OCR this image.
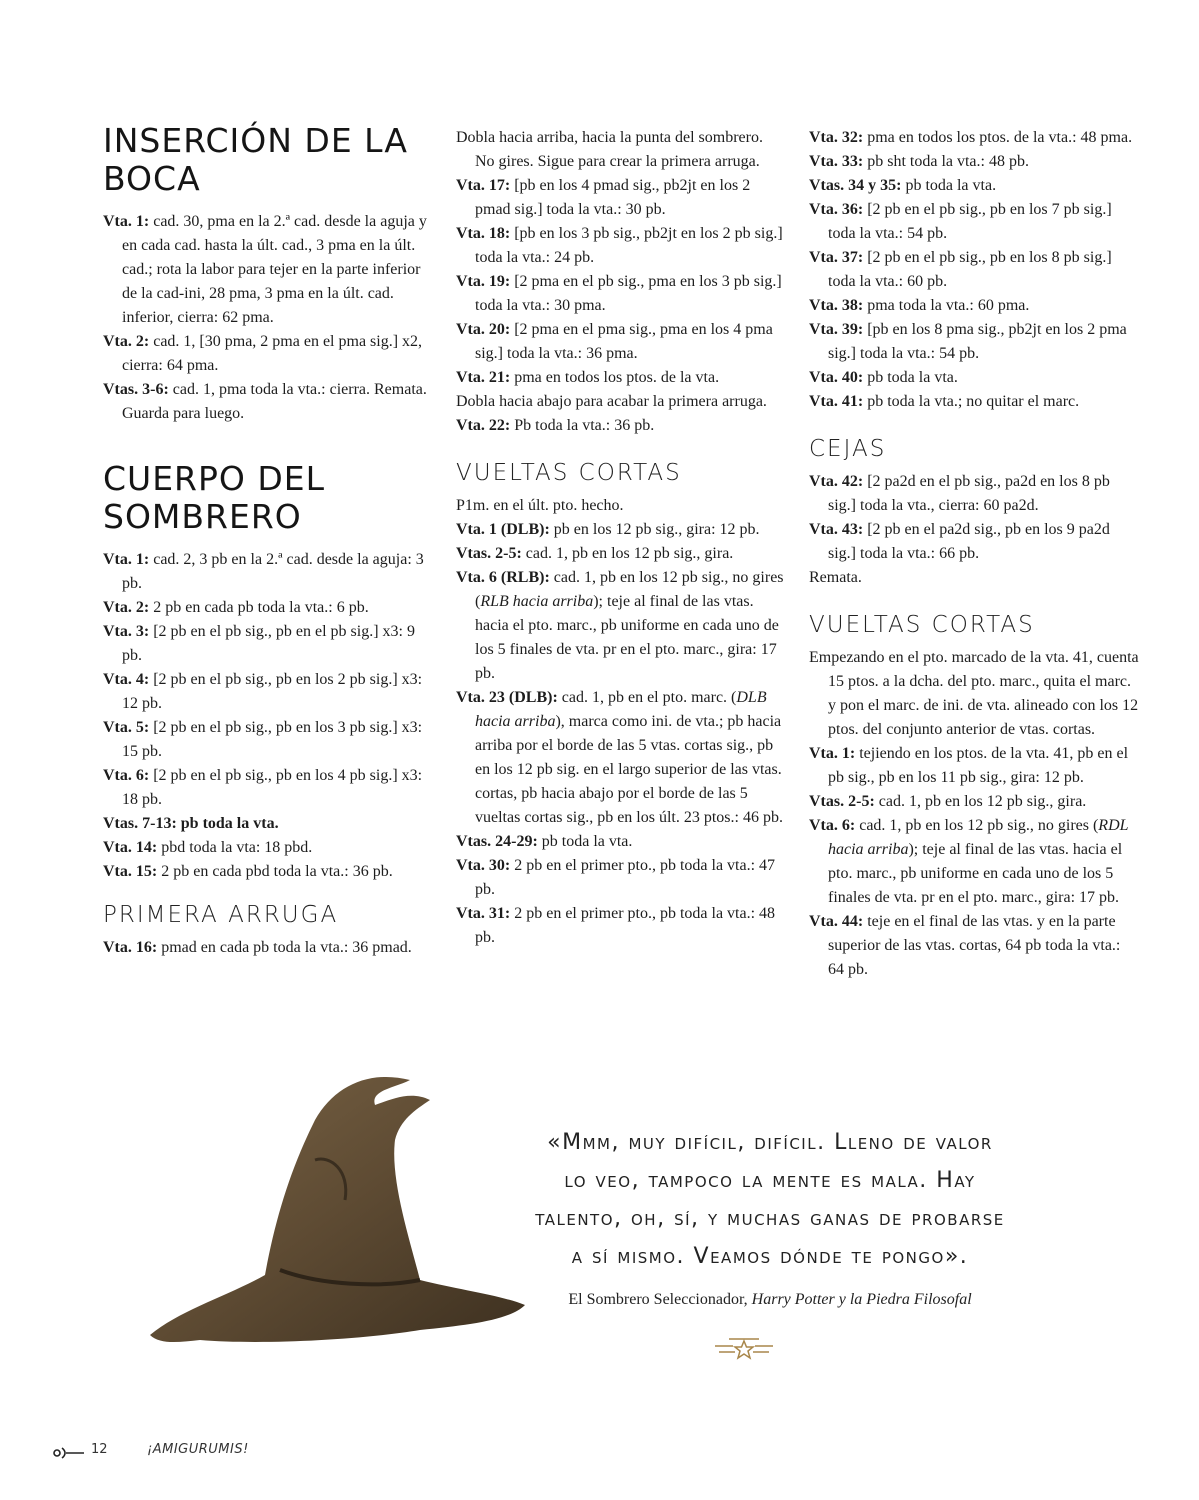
INSERCIÓN DE LA BOCA

Vta. 1: cad. 30, pma en la 2.ª cad. desde la aguja y en cada cad. hasta la últ. cad., 3 pma en la últ. cad.; rota la labor para tejer en la parte inferior de la cad-ini, 28 pma, 3 pma en la últ. cad. inferior, cierra: 62 pma.

Vta. 2: cad. 1, [30 pma, 2 pma en el pma sig.] x2, cierra: 64 pma.

Vtas. 3-6: cad. 1, pma toda la vta.: cierra. Remata. Guarda para luego.

CUERPO DEL SOMBRERO

Vta. 1: cad. 2, 3 pb en la 2.ª cad. desde la aguja: 3 pb.

Vta. 2: 2 pb en cada pb toda la vta.: 6 pb.

Vta. 3: [2 pb en el pb sig., pb en el pb sig.] x3: 9 pb.

Vta. 4: [2 pb en el pb sig., pb en los 2 pb sig.] x3: 12 pb.

Vta. 5: [2 pb en el pb sig., pb en los 3 pb sig.] x3: 15 pb.

Vta. 6: [2 pb en el pb sig., pb en los 4 pb sig.] x3: 18 pb.

Vtas. 7-13: pb toda la vta.

Vta. 14: pbd toda la vta: 18 pbd.

Vta. 15: 2 pb en cada pbd toda la vta.: 36 pb.

PRIMERA ARRUGA

Vta. 16: pmad en cada pb toda la vta.: 36 pmad.

Dobla hacia arriba, hacia la punta del sombrero. No gires. Sigue para crear la primera arruga.

Vta. 17: [pb en los 4 pmad sig., pb2jt en los 2 pmad sig.] toda la vta.: 30 pb.

Vta. 18: [pb en los 3 pb sig., pb2jt en los 2 pb sig.] toda la vta.: 24 pb.

Vta. 19: [2 pma en el pb sig., pma en los 3 pb sig.] toda la vta.: 30 pma.

Vta. 20: [2 pma en el pma sig., pma en los 4 pma sig.] toda la vta.: 36 pma.

Vta. 21: pma en todos los ptos. de la vta.

Dobla hacia abajo para acabar la primera arruga.

Vta. 22: Pb toda la vta.: 36 pb.

VUELTAS CORTAS

P1m. en el últ. pto. hecho.

Vta. 1 (DLB): pb en los 12 pb sig., gira: 12 pb.

Vtas. 2-5: cad. 1, pb en los 12 pb sig., gira.

Vta. 6 (RLB): cad. 1, pb en los 12 pb sig., no gires (RLB hacia arriba); teje al final de las vtas. hacia el pto. marc., pb uniforme en cada uno de los 5 finales de vta. pr en el pto. marc., gira: 17 pb.

Vta. 23 (DLB): cad. 1, pb en el pto. marc. (DLB hacia arriba), marca como ini. de vta.; pb hacia arriba por el borde de las 5 vtas. cortas sig., pb en los 12 pb sig. en el largo superior de las vtas. cortas, pb hacia abajo por el borde de las 5 vueltas cortas sig., pb en los últ. 23 ptos.: 46 pb.

Vtas. 24-29: pb toda la vta.

Vta. 30: 2 pb en el primer pto., pb toda la vta.: 47 pb.

Vta. 31: 2 pb en el primer pto., pb toda la vta.: 48 pb.

Vta. 32: pma en todos los ptos. de la vta.: 48 pma.

Vta. 33: pb sht toda la vta.: 48 pb.

Vtas. 34 y 35: pb toda la vta.

Vta. 36: [2 pb en el pb sig., pb en los 7 pb sig.] toda la vta.: 54 pb.

Vta. 37: [2 pb en el pb sig., pb en los 8 pb sig.] toda la vta.: 60 pb.

Vta. 38: pma toda la vta.: 60 pma.

Vta. 39: [pb en los 8 pma sig., pb2jt en los 2 pma sig.] toda la vta.: 54 pb.

Vta. 40: pb toda la vta.

Vta. 41: pb toda la vta.; no quitar el marc.

CEJAS

Vta. 42: [2 pa2d en el pb sig., pa2d en los 8 pb sig.] toda la vta., cierra: 60 pa2d.

Vta. 43: [2 pb en el pa2d sig., pb en los 9 pa2d sig.] toda la vta.: 66 pb.

Remata.

VUELTAS CORTAS

Empezando en el pto. marcado de la vta. 41, cuenta 15 ptos. a la dcha. del pto. marc., quita el marc. y pon el marc. de ini. de vta. alineado con los 12 ptos. del conjunto anterior de vtas. cortas.

Vta. 1: tejiendo en los ptos. de la vta. 41, pb en el pb sig., pb en los 11 pb sig., gira: 12 pb.

Vtas. 2-5: cad. 1, pb en los 12 pb sig., gira.

Vta. 6: cad. 1, pb en los 12 pb sig., no gires (RDL hacia arriba); teje al final de las vtas. hacia el pto. marc., pb uniforme en cada uno de los 5 finales de vta. pr en el pto. marc., gira: 17 pb.

Vta. 44: teje en el final de las vtas. y en la parte superior de las vtas. cortas, 64 pb toda la vta.: 64 pb.

«Mmm, muy difícil, difícil. Lleno de valor
lo veo, tampoco la mente es mala. Hay
talento, oh, sí, y muchas ganas de probarse
a sí mismo. Veamos dónde te pongo».
El Sombrero Seleccionador, Harry Potter y la Piedra Filosofal
12	¡AMIGURUMIS!
